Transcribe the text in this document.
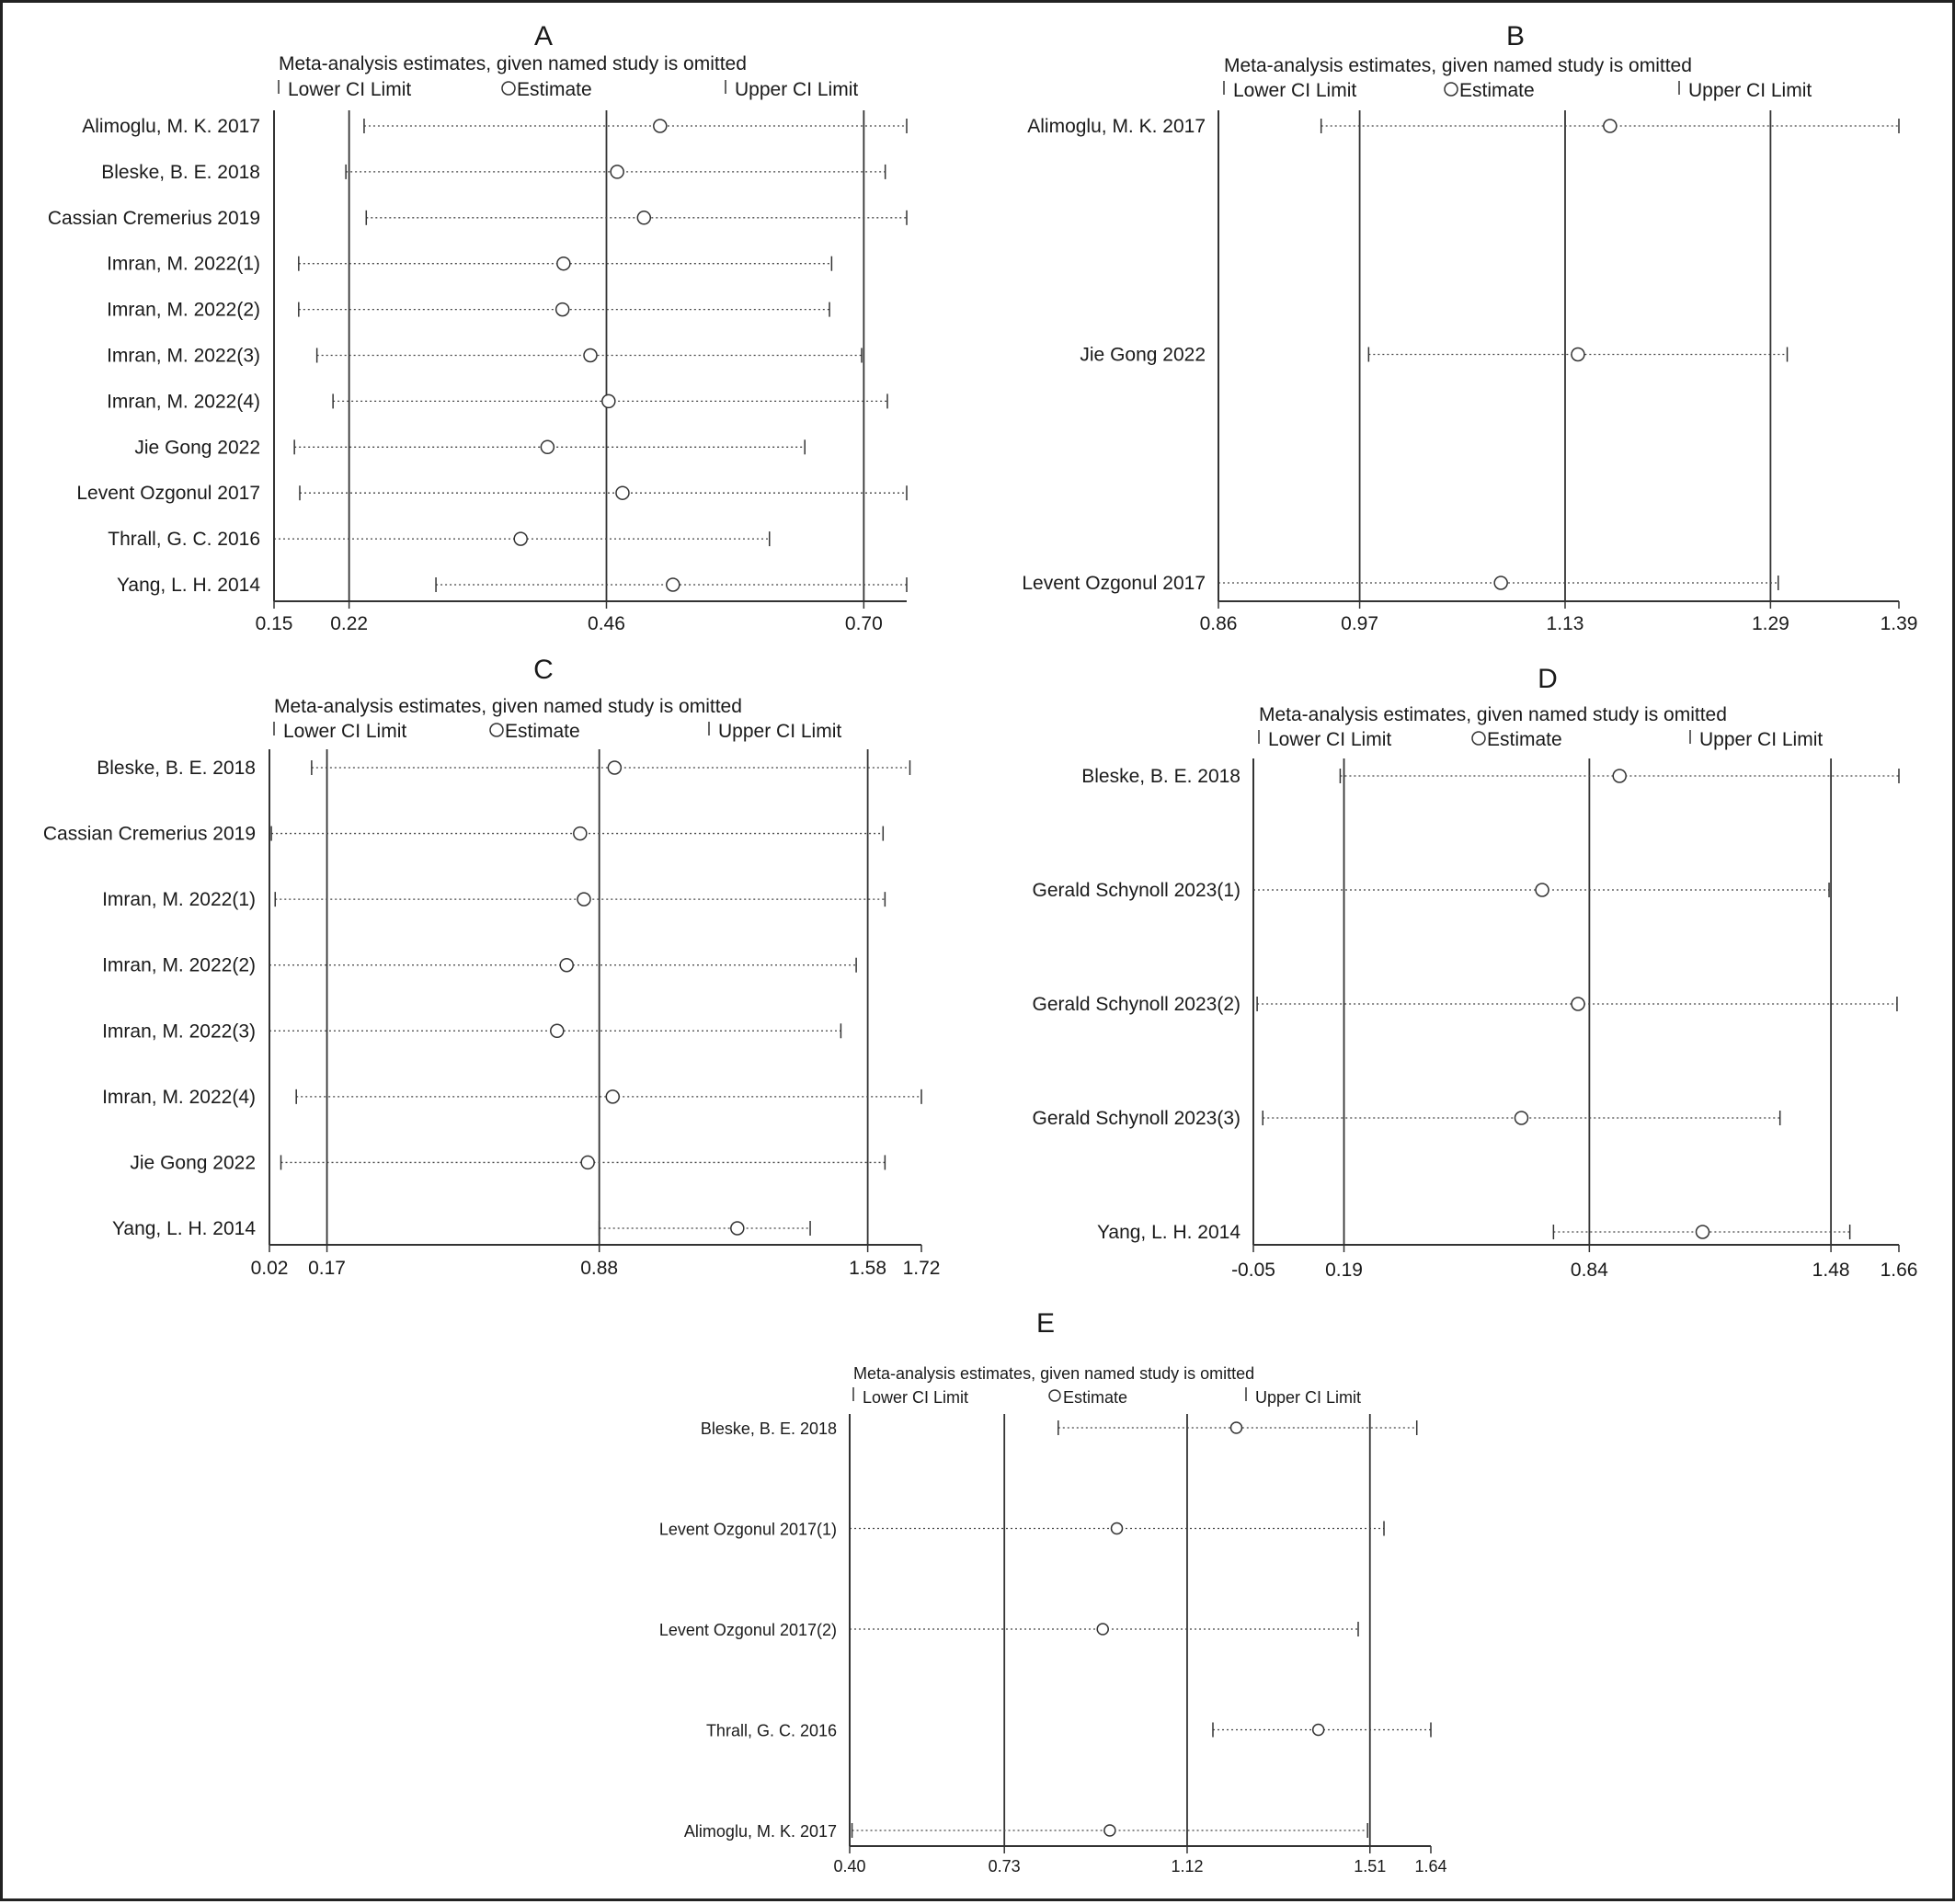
A
Meta-analysis estimates, given named study is omitted
Lower CI Limit	Estimate	Upper CI Limit
0.15 0.22	0.46	0.70
Alimoglu, M. K. 2017
Bleske, B. E. 2018
Cassian Cremerius 2019
Imran, M. 2022(1)
Imran, M. 2022(2)
Imran, M. 2022(3)
Imran, M. 2022(4)
Jie Gong 2022
Levent Ozgonul 2017
Thrall, G. C. 2016
Yang, L. H. 2014
B
Meta-analysis estimates, given named study is omitted
Lower CI Limit	Estimate	Upper CI Limit
0.86	0.97	1.13	1.29	1.39
Alimoglu, M. K. 2017
Jie Gong 2022
Levent Ozgonul 2017
C
Meta-analysis estimates, given named study is omitted
Lower CI Limit	Estimate	Upper CI Limit
0.02 0.17	0.88	1.58 1.72
Bleske, B. E. 2018
Cassian Cremerius 2019
Imran, M. 2022(1)
Imran, M. 2022(2)
Imran, M. 2022(3)
Imran, M. 2022(4)
Jie Gong 2022
Yang, L. H. 2014
D
Meta-analysis estimates, given named study is omitted
Lower CI Limit	Estimate	Upper CI Limit
-0.05	0.19	0.84	1.48 1.66
Bleske, B. E. 2018
Gerald Schynoll 2023(1)
Gerald Schynoll 2023(2)
Gerald Schynoll 2023(3)
Yang, L. H. 2014
E
Meta-analysis estimates, given named study is omitted
Lower CI Limit	Estimate	Upper CI Limit
0.40	0.73	1.12	1.51 1.64
Bleske, B. E. 2018
Levent Ozgonul 2017(1)
Levent Ozgonul 2017(2)
Thrall, G. C. 2016
Alimoglu, M. K. 2017
